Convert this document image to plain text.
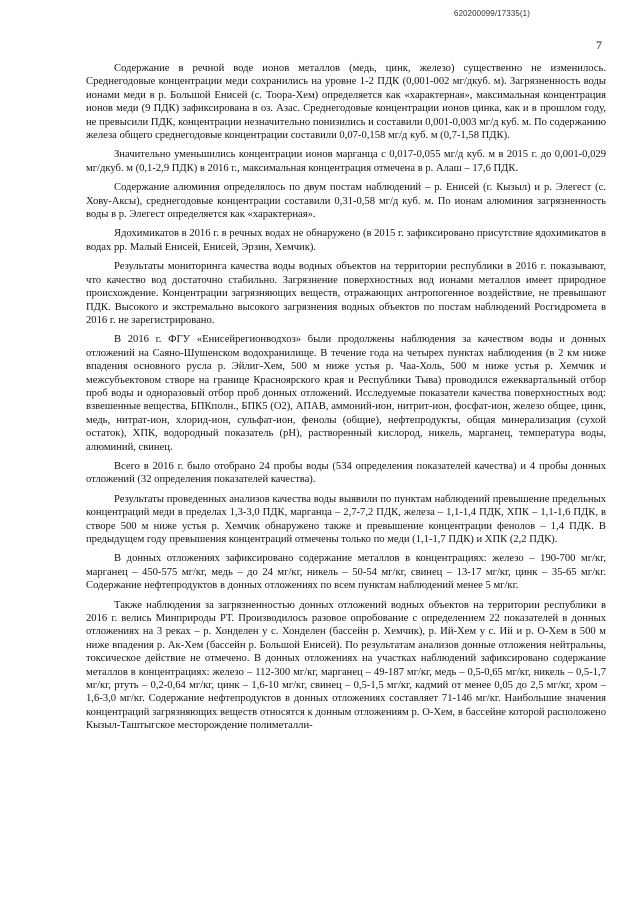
620200099/17335(1)
7

Содержание в речной воде ионов металлов (медь, цинк, железо) существенно не изменилось. Среднегодовые концентрации меди сохранились на уровне 1-2 ПДК (0,001-002 мг/дкуб. м). Загрязненность воды ионами меди в р. Большой Енисей (с. Тоора-Хем) определяется как «характерная», максимальная концентрация ионов меди (9 ПДК) зафиксирована в оз. Азас. Среднегодовые концентрации ионов цинка, как и в прошлом году, не превысили ПДК, концентрации незначительно понизились и составили 0,001-0,003 мг/д куб. м. По содержанию железа общего среднегодовые концентрации составили 0,07-0,158 мг/д куб. м (0,7-1,58 ПДК).

Значительно уменьшились концентрации ионов марганца с 0,017-0,055 мг/д куб. м в 2015 г. до 0,001-0,029 мг/дкуб. м (0,1-2,9 ПДК) в 2016 г., максимальная концентрация отмечена в р. Алаш – 17,6 ПДК.

Содержание алюминия определялось по двум постам наблюдений – р. Енисей (г. Кызыл) и р. Элегест (с. Хову-Аксы), среднегодовые концентрации составили 0,31-0,58 мг/д куб. м. По ионам алюминия загрязненность воды в р. Элегест определяется как «характерная».

Ядохимикатов в 2016 г. в речных водах не обнаружено (в 2015 г. зафиксировано присутствие ядохимикатов в водах рр. Малый Енисей, Енисей, Эрзин, Хемчик).

Результаты мониторинга качества воды водных объектов на территории республики в 2016 г. показывают, что качество вод достаточно стабильно. Загрязнение поверхностных вод ионами металлов имеет природное происхождение. Концентрации загрязняющих веществ, отражающих антропогенное воздействие, не превышают ПДК. Высокого и экстремально высокого загрязнения водных объектов по постам наблюдений Росгидромета в 2016 г. не зарегистрировано.

В 2016 г. ФГУ «Енисейрегионводхоз» были продолжены наблюдения за качеством воды и донных отложений на Саяно-Шушенском водохранилище. В течение года на четырех пунктах наблюдения (в 2 км ниже впадения основного русла р. Эйлиг-Хем, 500 м ниже устья р. Чаа-Холь, 500 м ниже устья р. Хемчик и межсубъектовом створе на границе Красноярского края и Республики Тыва) проводился ежеквартальный отбор проб воды и одноразовый отбор проб донных отложений. Исследуемые показатели качества поверхностных вод: взвешенные вещества, БПКполн., БПК5 (О2), АПАВ, аммоний-ион, нитрит-ион, фосфат-ион, железо общее, цинк, медь, нитрат-ион, хлорид-ион, сульфат-ион, фенолы (общие), нефтепродукты, общая минерализация (сухой остаток), ХПК, водородный показатель (рН), растворенный кислород, никель, марганец, температура воды, алюминий, свинец.

Всего в 2016 г. было отобрано 24 пробы воды (534 определения показателей качества) и 4 пробы донных отложений (32 определения показателей качества).

Результаты проведенных анализов качества воды выявили по пунктам наблюдений превышение предельных концентраций меди в пределах 1,3-3,0 ПДК, марганца – 2,7-7,2 ПДК, железа – 1,1-1,4 ПДК, ХПК – 1,1-1,6 ПДК, в створе 500 м ниже устья р. Хемчик обнаружено также и превышение концентрации фенолов – 1,4 ПДК. В предыдущем году превышения концентраций отмечены только по меди (1,1-1,7 ПДК) и ХПК (2,2 ПДК).

В донных отложениях зафиксировано содержание металлов в концентрациях: железо – 190-700 мг/кг, марганец – 450-575 мг/кг, медь – до 24 мг/кг, никель – 50-54 мг/кг, свинец – 13-17 мг/кг, цинк – 35-65 мг/кг. Содержание нефтепродуктов в донных отложениях по всем пунктам наблюдений менее 5 мг/кг.

Также наблюдения за загрязненностью донных отложений водных объектов на территории республики в 2016 г. велись Минприроды РТ. Производилось разовое опробование с определением 22 показателей в донных отложениях на 3 реках – р. Хонделен у с. Хонделен (бассейн р. Хемчик), р. Ий-Хем у с. Ий и р. О-Хем в 500 м ниже впадения р. Ак-Хем (бассейн р. Большой Енисей). По результатам анализов донные отложения нейтральны, токсическое действие не отмечено. В донных отложениях на участках наблюдений зафиксировано содержание металлов в концентрациях: железо – 112-300 мг/кг, марганец – 49-187 мг/кг, медь – 0,5-0,65 мг/кг, никель – 0,5-1,7 мг/кг, ртуть – 0,2-0,64 мг/кг, цинк – 1,6-10 мг/кг, свинец – 0,5-1,5 мг/кг, кадмий от менее 0,05 до 2,5 мг/кг, хром – 1,6-3,0 мг/кг. Содержание нефтепродуктов в донных отложениях составляет 71-146 мг/кг. Наибольшие значения концентраций загрязняющих веществ относятся к донным отложениям р. О-Хем, в бассейне которой расположено Кызыл-Таштыгское месторождение полиметалли-
